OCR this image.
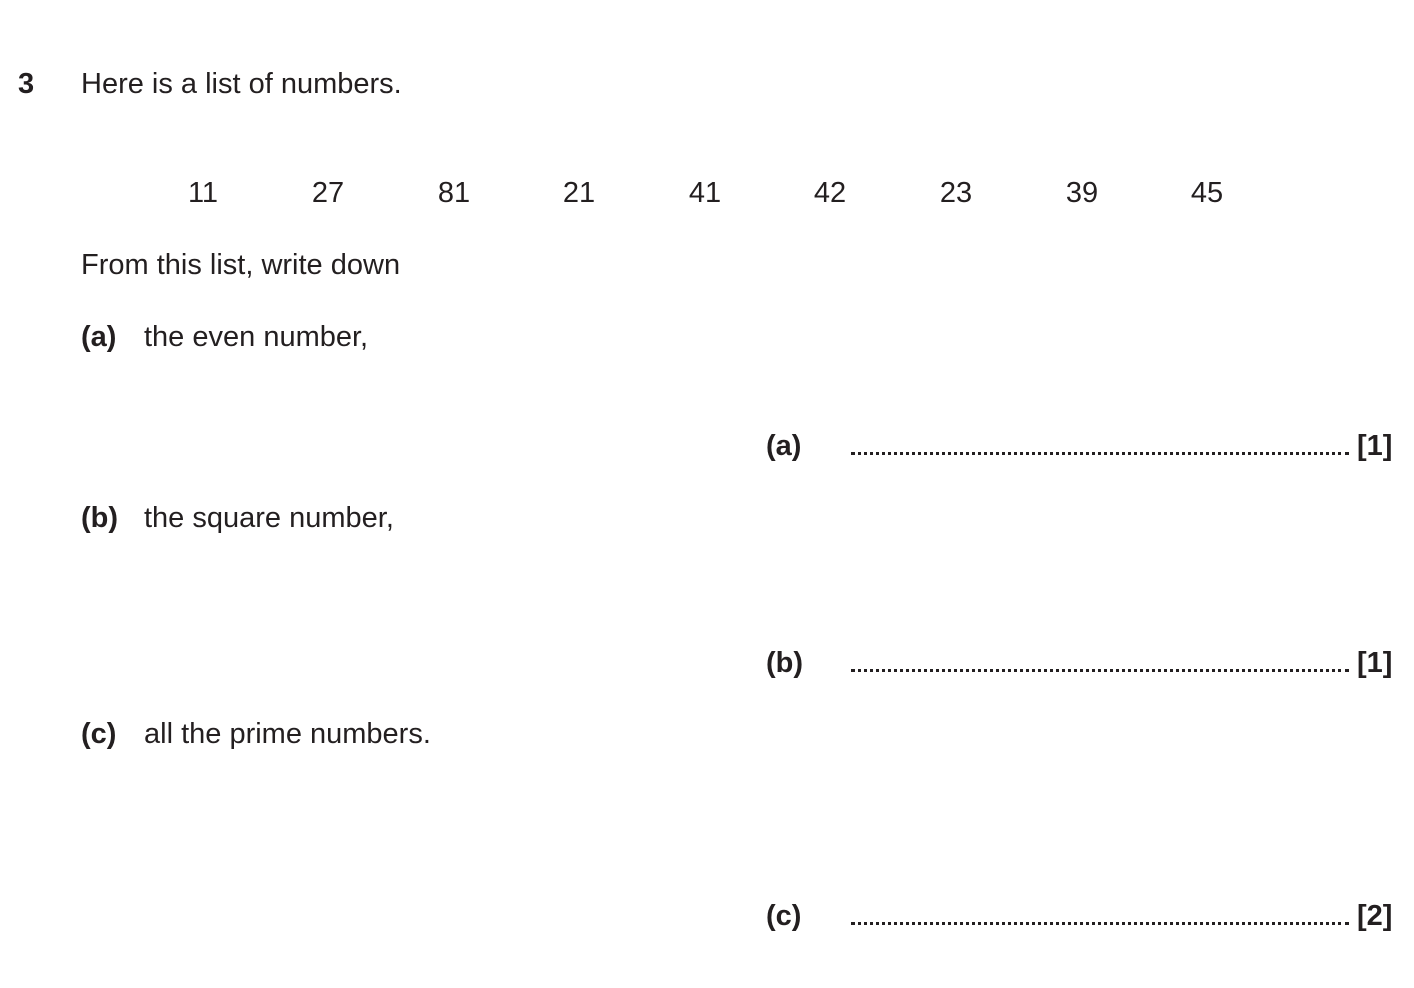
3 Here is a list of numbers.
11	27	81	21	41	42	23	39	45
From this list, write down
(a) the even number,
(a)	[1]
(b) the square number,
(b)	[1]
(c) all the prime numbers.
(c)	[2]
